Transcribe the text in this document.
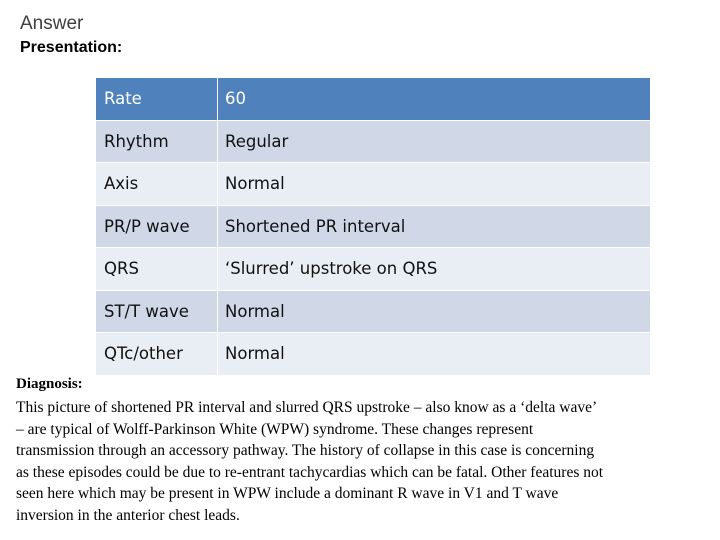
Answer
Presentation:
Rate	60
Rhythm	Regular
Axis	Normal
PR/P wave	Shortened PR interval
QRS	‘Slurred’ upstroke on QRS
ST/T wave	Normal
QTc/other	Normal
Diagnosis:
This picture of shortened PR interval and slurred QRS upstroke – also know as a ‘delta wave’
– are typical of Wolff-Parkinson White (WPW) syndrome. These changes represent
transmission through an accessory pathway. The history of collapse in this case is concerning
as these episodes could be due to re-entrant tachycardias which can be fatal. Other features not
seen here which may be present in WPW include a dominant R wave in V1 and T wave
inversion in the anterior chest leads.
